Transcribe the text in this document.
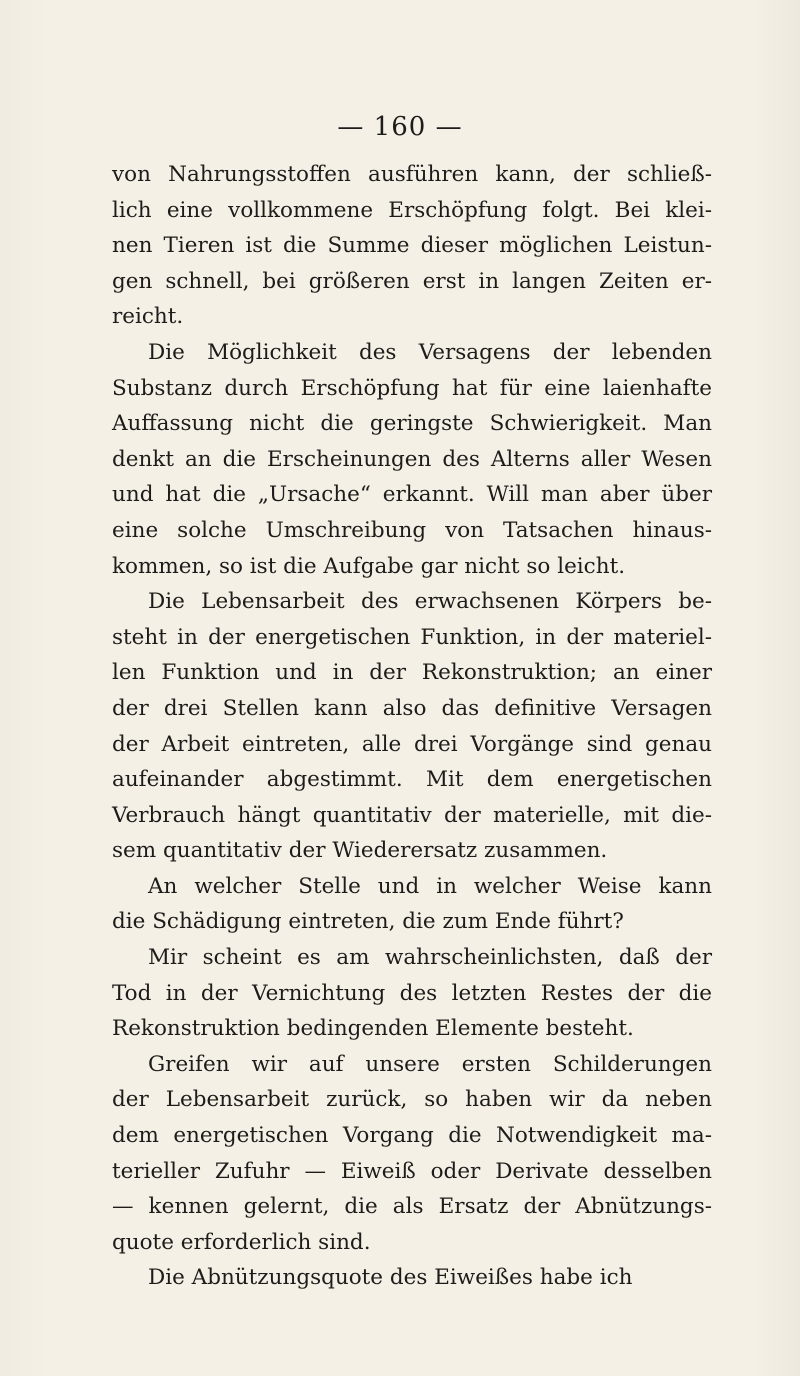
— 160 —
von Nahrungsstoffen ausführen kann, der schließ-
lich eine vollkommene Erschöpfung folgt. Bei klei-
nen Tieren ist die Summe dieser möglichen Leistun-
gen schnell, bei größeren erst in langen Zeiten er-
reicht.
Die Möglichkeit des Versagens der lebenden
Substanz durch Erschöpfung hat für eine laienhafte
Auffassung nicht die geringste Schwierigkeit. Man
denkt an die Erscheinungen des Alterns aller Wesen
und hat die „Ursache“ erkannt. Will man aber über
eine solche Umschreibung von Tatsachen hinaus-
kommen, so ist die Aufgabe gar nicht so leicht.
Die Lebensarbeit des erwachsenen Körpers be-
steht in der energetischen Funktion, in der materiel-
len Funktion und in der Rekonstruktion; an einer
der drei Stellen kann also das definitive Versagen
der Arbeit eintreten, alle drei Vorgänge sind genau
aufeinander abgestimmt. Mit dem energetischen
Verbrauch hängt quantitativ der materielle, mit die-
sem quantitativ der Wiederersatz zusammen.
An welcher Stelle und in welcher Weise kann
die Schädigung eintreten, die zum Ende führt?
Mir scheint es am wahrscheinlichsten, daß der
Tod in der Vernichtung des letzten Restes der die
Rekonstruktion bedingenden Elemente besteht.
Greifen wir auf unsere ersten Schilderungen
der Lebensarbeit zurück, so haben wir da neben
dem energetischen Vorgang die Notwendigkeit ma-
terieller Zufuhr — Eiweiß oder Derivate desselben
— kennen gelernt, die als Ersatz der Abnützungs-
quote erforderlich sind.
Die Abnützungsquote des Eiweißes habe ich
